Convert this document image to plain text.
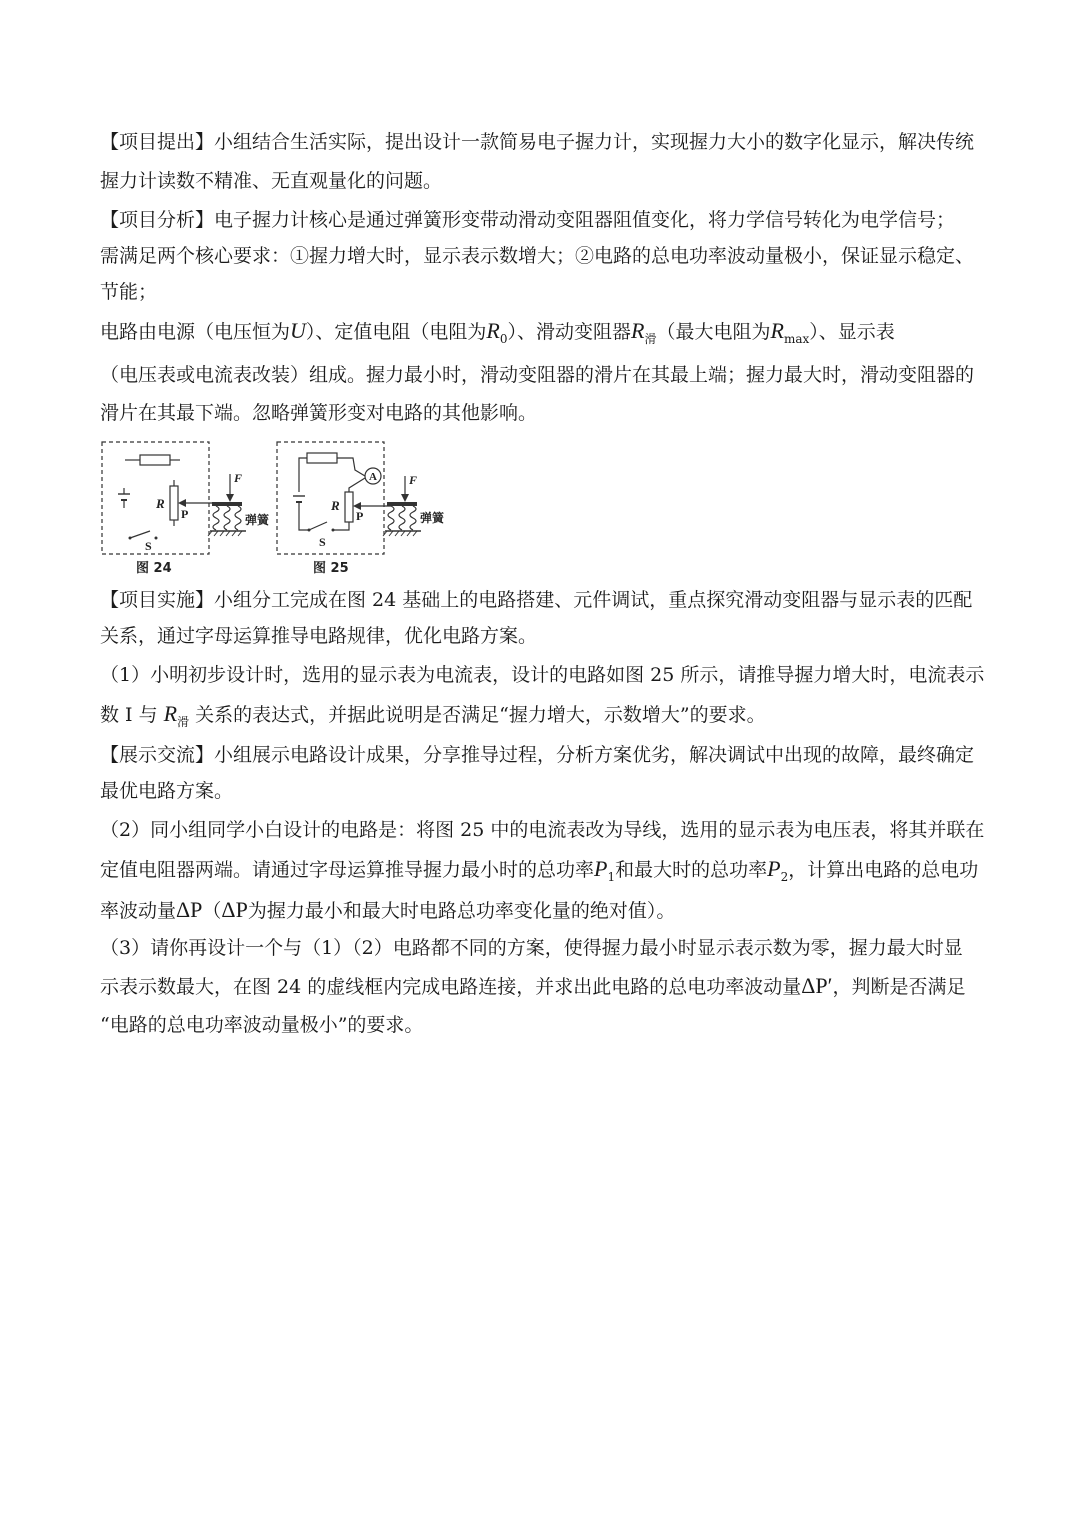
【项目提出】小组结合生活实际，提出设计一款简易电子握力计，实现握力大小的数字化显示，解决传统
握力计读数不精准、无直观量化的问题。
【项目分析】电子握力计核心是通过弹簧形变带动滑动变阻器阻值变化，将力学信号转化为电学信号；
需满足两个核心要求：①握力增大时，显示表示数增大；②电路的总电功率波动量极小，保证显示稳定、
节能；
电路由电源（电压恒为U）、定值电阻（电阻为$R_0$）、滑动变阻器$R_滑$（最大电阻为$R_{max}$）、显示表
（电压表或电流表改装）组成。握力最小时，滑动变阻器的滑片在其最上端；握力最大时，滑动变阻器的
滑片在其最下端。忽略弹簧形变对电路的其他影响。
R
P
S
F
弹簧
图 24
A
R
P
S
F
弹簧
图 25
【项目实施】小组分工完成在图 24 基础上的电路搭建、元件调试，重点探究滑动变阻器与显示表的匹配
关系，通过字母运算推导电路规律，优化电路方案。
（1）小明初步设计时，选用的显示表为电流表，设计的电路如图 25 所示，请推导握力增大时，电流表示
数 I 与 $R_滑$ 关系的表达式，并据此说明是否满足“握力增大，示数增大”的要求。
【展示交流】小组展示电路设计成果，分享推导过程，分析方案优劣，解决调试中出现的故障，最终确定
最优电路方案。
（2）同小组同学小白设计的电路是：将图 25 中的电流表改为导线，选用的显示表为电压表，将其并联在
定值电阻器两端。请通过字母运算推导握力最小时的总功率$P_1$和最大时的总功率$P_2$，计算出电路的总电功
率波动量ΔP（ΔP为握力最小和最大时电路总功率变化量的绝对值）。
（3）请你再设计一个与（1）（2）电路都不同的方案，使得握力最小时显示表示数为零，握力最大时显
示表示数最大，在图 24 的虚线框内完成电路连接，并求出此电路的总电功率波动量ΔP′，判断是否满足
“电路的总电功率波动量极小”的要求。
